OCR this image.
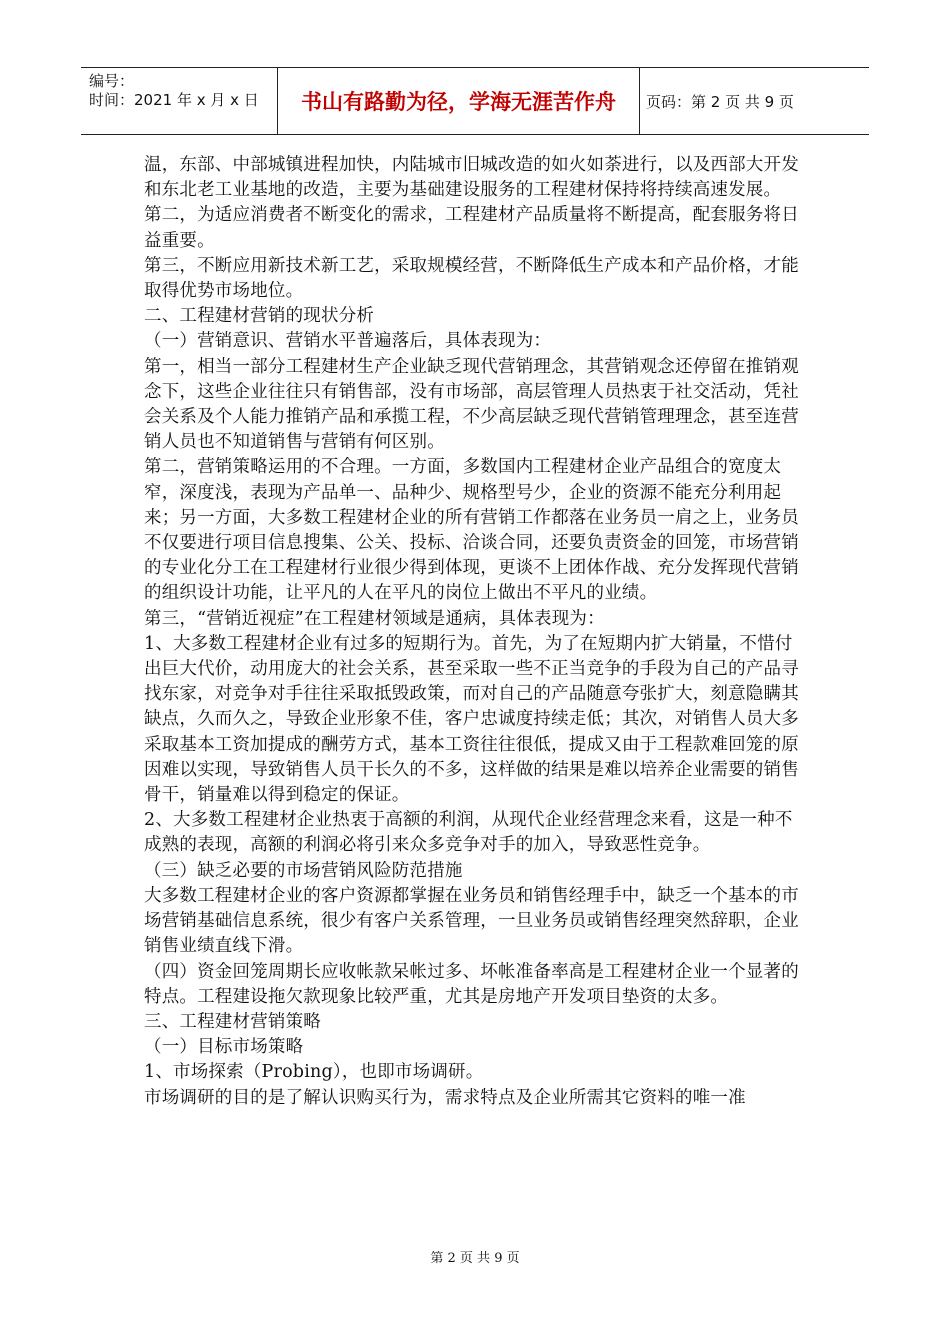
编号：
时间：2021 年 x 月 x 日	书山有路勤为径，学海无涯苦作舟	页码：第 2 页 共 9 页

温，东部、中部城镇进程加快，内陆城市旧城改造的如火如荼进行，以及西部大开发和东北老工业基地的改造，主要为基础建设服务的工程建材保持将持续高速发展。

第二，为适应消费者不断变化的需求，工程建材产品质量将不断提高，配套服务将日益重要。

第三，不断应用新技术新工艺，采取规模经营，不断降低生产成本和产品价格，才能取得优势市场地位。

二、工程建材营销的现状分析

（一）营销意识、营销水平普遍落后，具体表现为：

第一，相当一部分工程建材生产企业缺乏现代营销理念，其营销观念还停留在推销观念下，这些企业往往只有销售部，没有市场部，高层管理人员热衷于社交活动，凭社会关系及个人能力推销产品和承揽工程，不少高层缺乏现代营销管理理念，甚至连营销人员也不知道销售与营销有何区别。

第二，营销策略运用的不合理。一方面，多数国内工程建材企业产品组合的宽度太窄，深度浅，表现为产品单一、品种少、规格型号少，企业的资源不能充分利用起来；另一方面，大多数工程建材企业的所有营销工作都落在业务员一肩之上，业务员不仅要进行项目信息搜集、公关、投标、洽谈合同，还要负责资金的回笼，市场营销的专业化分工在工程建材行业很少得到体现，更谈不上团体作战、充分发挥现代营销的组织设计功能，让平凡的人在平凡的岗位上做出不平凡的业绩。

第三，“营销近视症”在工程建材领域是通病，具体表现为：

1、大多数工程建材企业有过多的短期行为。首先，为了在短期内扩大销量，不惜付出巨大代价，动用庞大的社会关系，甚至采取一些不正当竞争的手段为自己的产品寻找东家，对竞争对手往往采取抵毁政策，而对自己的产品随意夸张扩大，刻意隐瞒其缺点，久而久之，导致企业形象不佳，客户忠诚度持续走低；其次，对销售人员大多采取基本工资加提成的酬劳方式，基本工资往往很低，提成又由于工程款难回笼的原因难以实现，导致销售人员干长久的不多，这样做的结果是难以培养企业需要的销售骨干，销量难以得到稳定的保证。

2、大多数工程建材企业热衷于高额的利润，从现代企业经营理念来看，这是一种不成熟的表现，高额的利润必将引来众多竞争对手的加入，导致恶性竞争。

（三）缺乏必要的市场营销风险防范措施

大多数工程建材企业的客户资源都掌握在业务员和销售经理手中，缺乏一个基本的市场营销基础信息系统，很少有客户关系管理，一旦业务员或销售经理突然辞职，企业销售业绩直线下滑。

（四）资金回笼周期长应收帐款呆帐过多、坏帐准备率高是工程建材企业一个显著的特点。工程建设拖欠款现象比较严重，尤其是房地产开发项目垫资的太多。

三、工程建材营销策略

（一）目标市场策略

1、市场探索（Probing），也即市场调研。

市场调研的目的是了解认识购买行为，需求特点及企业所需其它资料的唯一准

第 2 页 共 9 页
